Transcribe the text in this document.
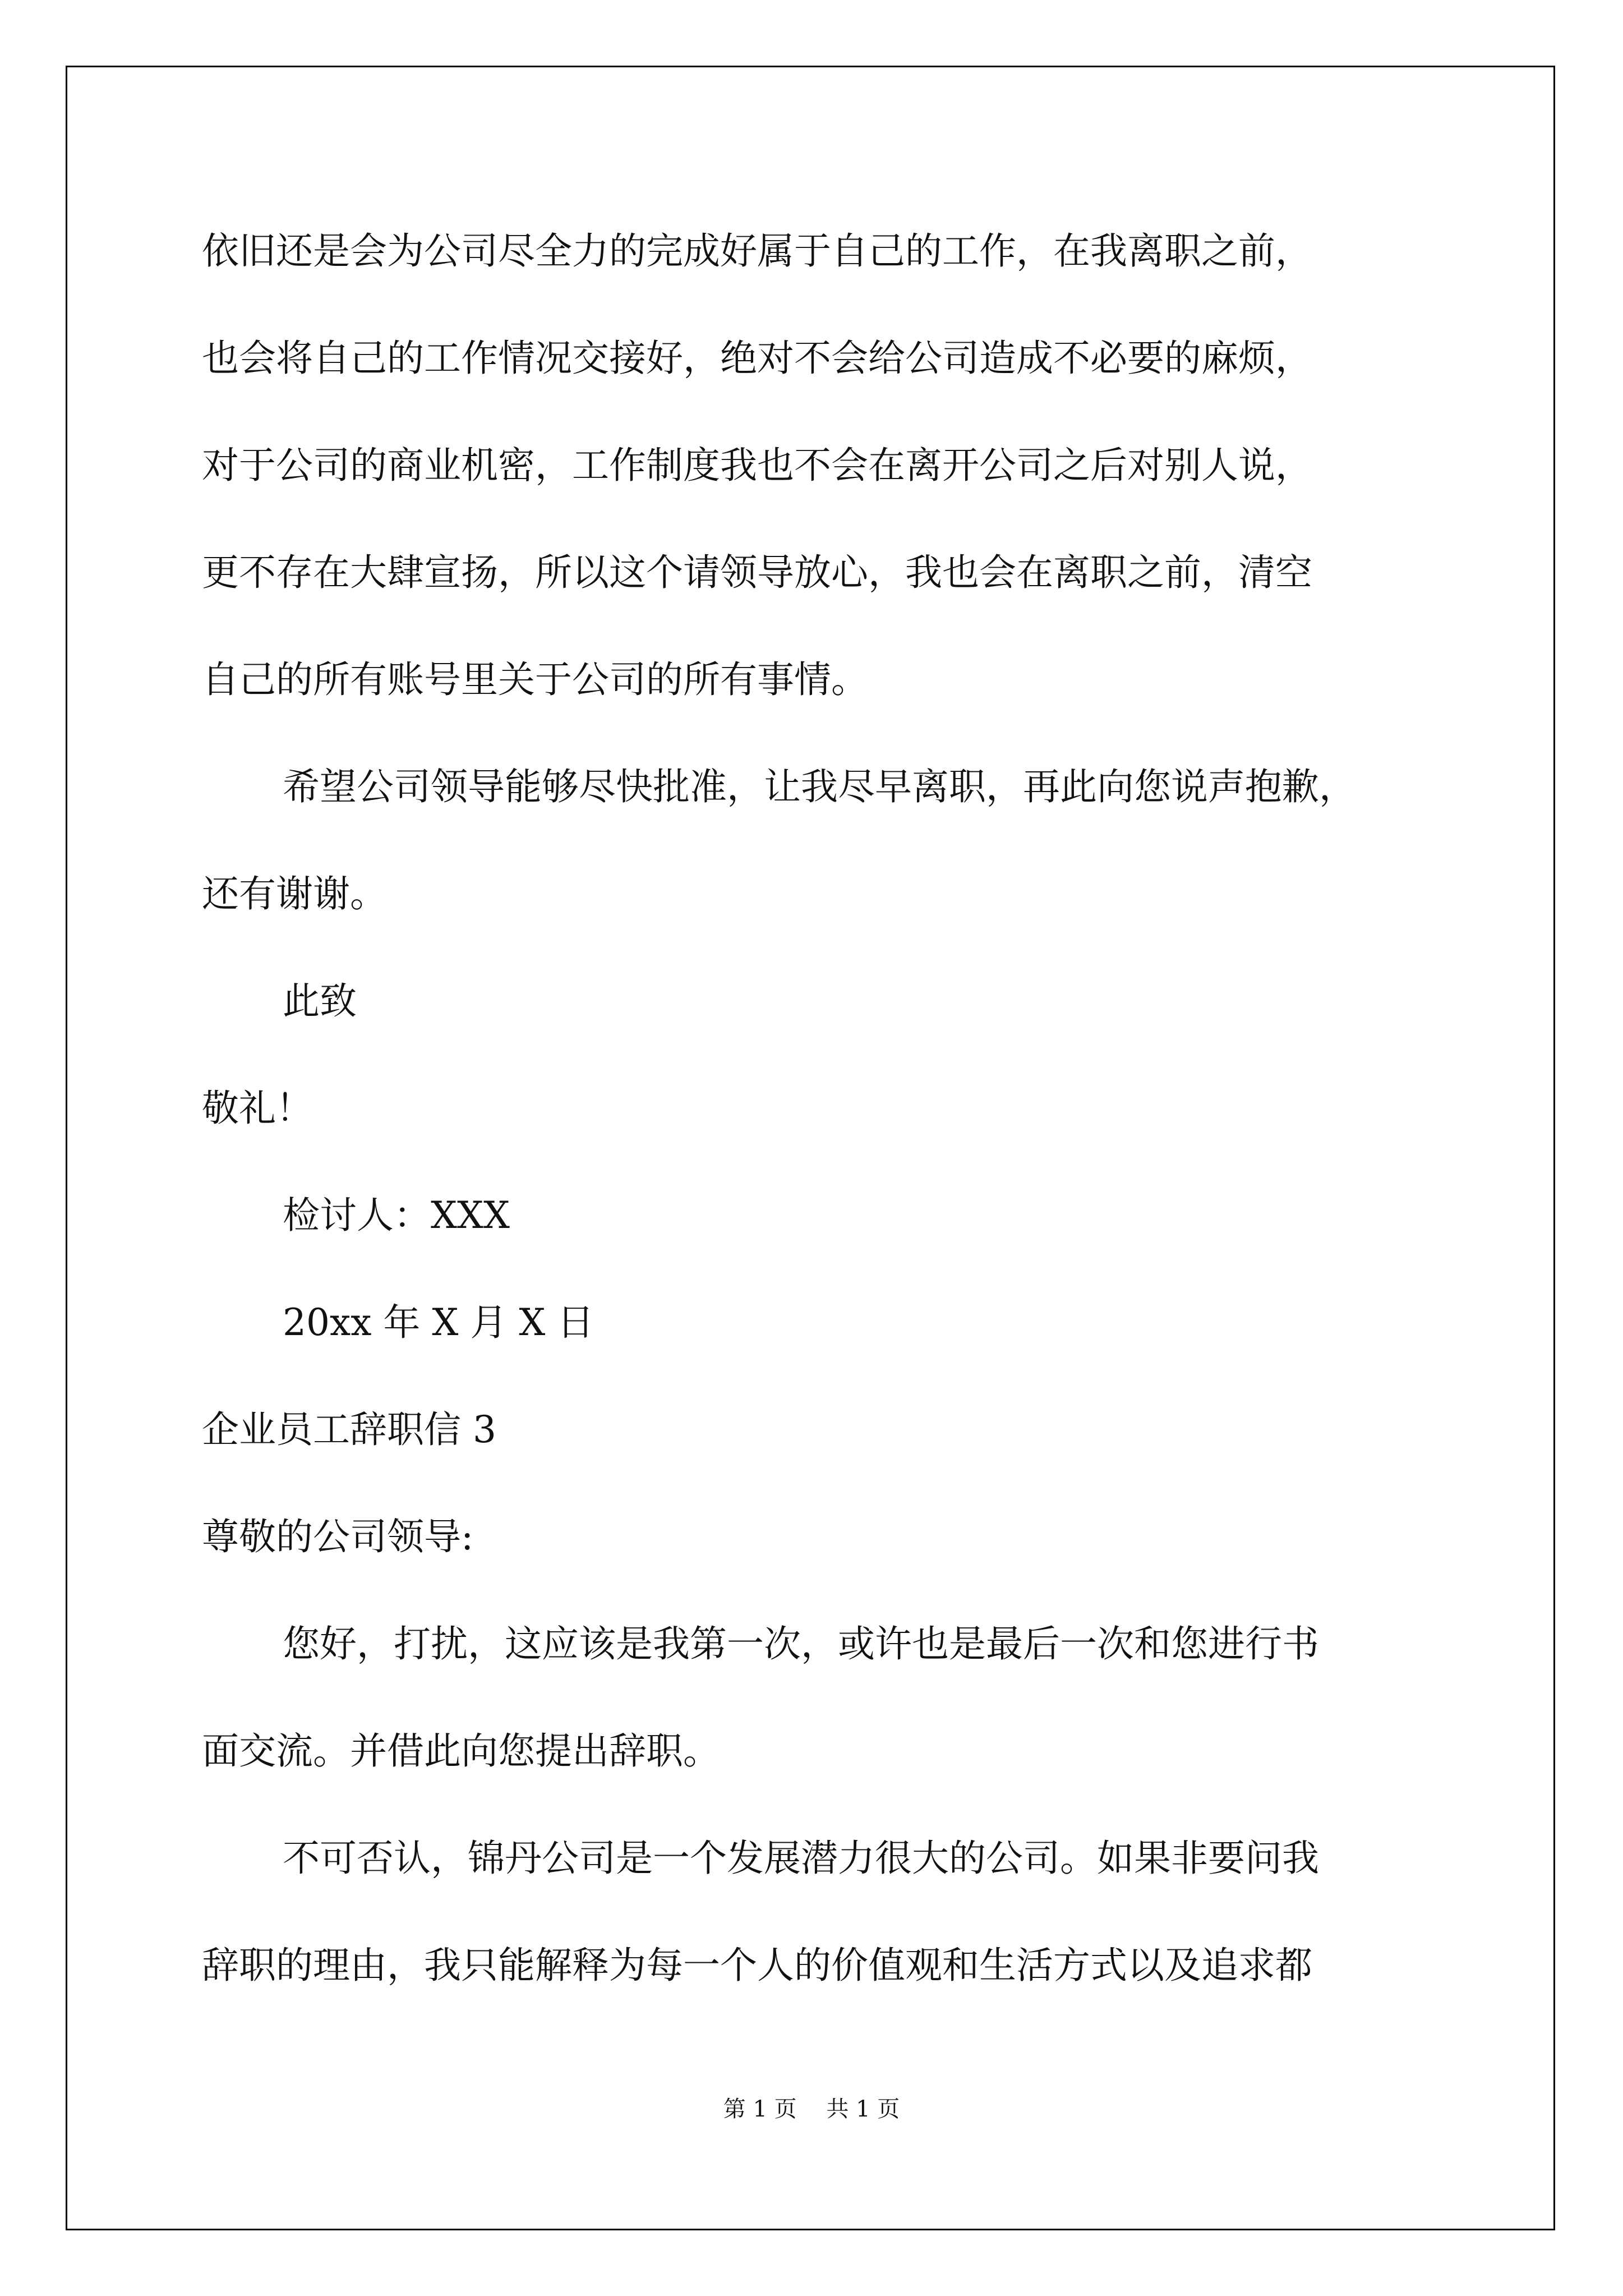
依旧还是会为公司尽全力的完成好属于自己的工作，在我离职之前，
也会将自己的工作情况交接好，绝对不会给公司造成不必要的麻烦，
对于公司的商业机密，工作制度我也不会在离开公司之后对别人说，
更不存在大肆宣扬，所以这个请领导放心，我也会在离职之前，清空
自己的所有账号里关于公司的所有事情。
希望公司领导能够尽快批准，让我尽早离职，再此向您说声抱歉，
还有谢谢。
此致
敬礼！
检讨人：XXX
20xx 年 X 月 X 日
企业员工辞职信 3
尊敬的公司领导:
您好，打扰，这应该是我第一次，或许也是最后一次和您进行书
面交流。并借此向您提出辞职。
不可否认，锦丹公司是一个发展潜力很大的公司。如果非要问我
辞职的理由，我只能解释为每一个人的价值观和生活方式以及追求都
第 1 页 共 1 页
